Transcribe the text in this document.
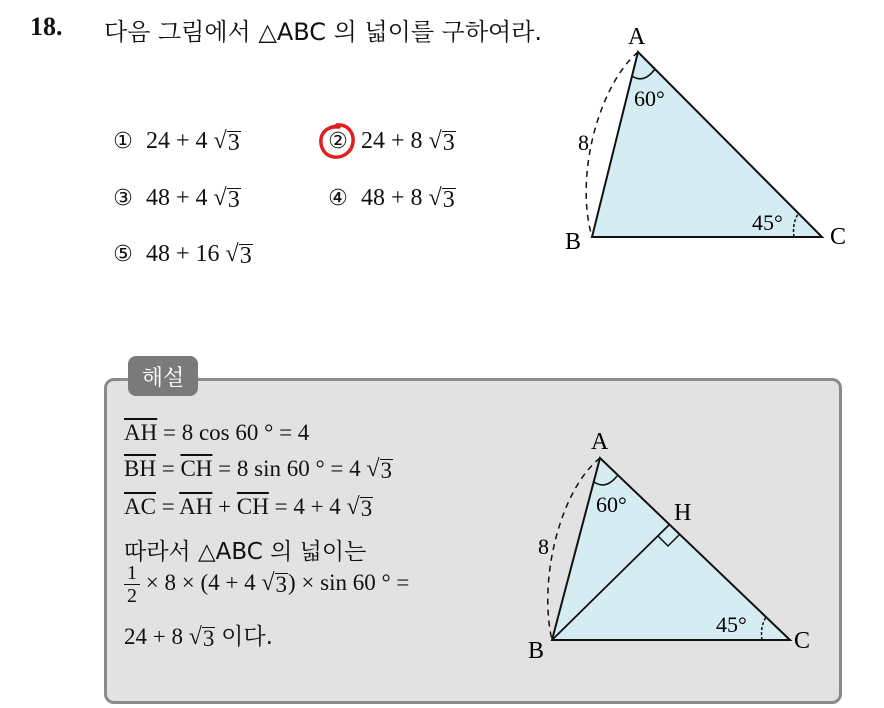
18. 다음 그림에서 △ABC 의 넓이를 구하여라.
① 24 + 4 √ 3	② 24 + 8 √ 3
③ 48 + 4 √ 3	④ 48 + 8 √ 3
⑤ 48 + 16 √ 3
A
B	C
8
60°
45°
해설
$\overline{AH} = 8$ cos 60 ° = 4
$\overline{BH} = \overline{CH} = 8$ sin 60 ° = 4 √ 3
$\overline{AC} = \overline{AH} + \overline{CH} = 4 + 4$ √ 3
따라서 △ABC 의 넓이는
$\frac{1}{2} \times 8 \times (4 + 4$ √ 3 ) × sin 60 ° =
24 + 8 √ 3 이다.
A
B	C
H
8
60°
45°
